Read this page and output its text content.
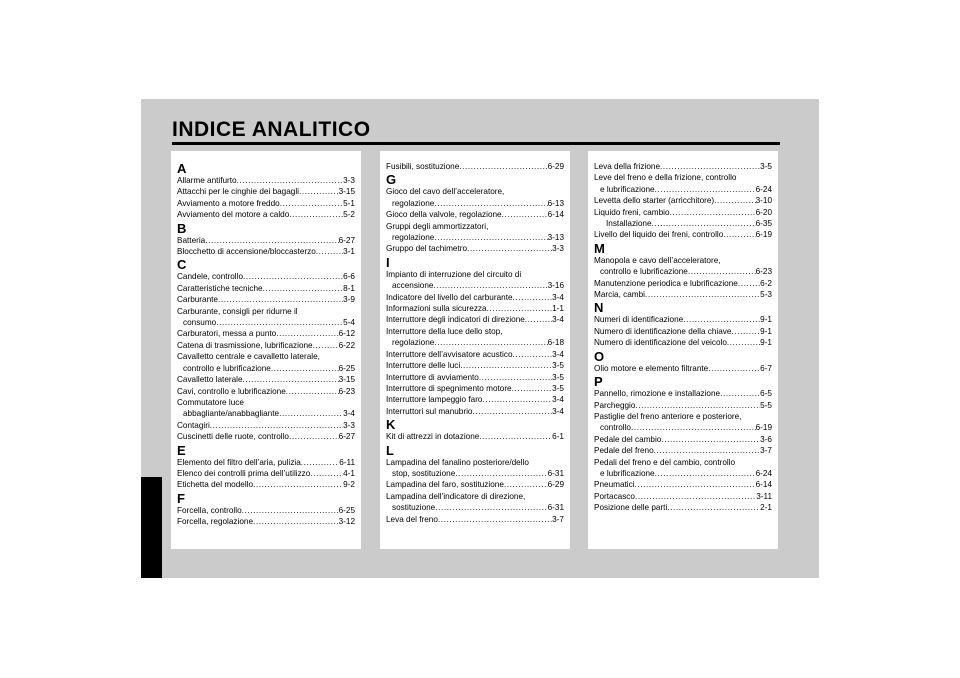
INDICE ANALITICO
A
Allarme antifurto .....	3-3
Attacchi per le cinghie dei bagagli .....	3-15
Avviamento a motore freddo .....	5-1
Avviamento del motore a caldo .....	5-2
B
Batteria .....	6-27
Blocchetto di accensione/bloccasterzo .....	3-1
C
Candele, controllo .....	6-6
Caratteristiche tecniche .....	8-1
Carburante .....	3-9
Carburante, consigli per ridurne il
consumo .....	5-4
Carburatori, messa a punto .....	6-12
Catena di trasmissione, lubrificazione .....	6-22
Cavalletto centrale e cavalletto laterale,
controllo e lubrificazione .....	6-25
Cavalletto laterale .....	3-15
Cavi, controllo e lubrificazione .....	6-23
Commutatore luce
abbagliante/anabbagliante .....	3-4
Contagiri .....	3-3
Cuscinetti delle ruote, controllo .....	6-27
E
Elemento del filtro dell’aria, pulizia .....	6-11
Elenco dei controlli prima dell’utilizzo .....	4-1
Etichetta del modello .....	9-2
F
Forcella, controllo .....	6-25
Forcella, regolazione .....	3-12
Fusibili, sostituzione .....	6-29
G
Gioco del cavo dell’acceleratore,
regolazione .....	6-13
Gioco della valvole, regolazione .....	6-14
Gruppi degli ammortizzatori,
regolazione .....	3-13
Gruppo del tachimetro .....	3-3
I
Impianto di interruzione del circuito di
accensione .....	3-16
Indicatore del livello del carburante .....	3-4
Informazioni sulla sicurezza .....	1-1
Interruttore degli indicatori di direzione .....	3-4
Interruttore della luce dello stop,
regolazione .....	6-18
Interruttore dell’avvisatore acustico .....	3-4
Interruttore delle luci .....	3-5
Interruttore di avviamento .....	3-5
Interruttore di spegnimento motore .....	3-5
Interruttore lampeggio faro .....	3-4
Interruttori sul manubrio .....	3-4
K
Kit di attrezzi in dotazione .....	6-1
L
Lampadina del fanalino posteriore/dello
stop, sostituzione .....	6-31
Lampadina del faro, sostituzione .....	6-29
Lampadina dell’indicatore di direzione,
sostituzione .....	6-31
Leva del freno .....	3-7
Leva della frizione .....	3-5
Leve del freno e della frizione, controllo
e lubrificazione .....	6-24
Levetta dello starter (arricchitore) .....	3-10
Liquido freni, cambio .....	6-20
Installazione .....	6-35
Livello del liquido dei freni, controllo .....	6-19
M
Manopola e cavo dell’acceleratore,
controllo e lubrificazione .....	6-23
Manutenzione periodica e lubrificazione .....	6-2
Marcia, cambi .....	5-3
N
Numeri di identificazione .....	9-1
Numero di identificazione della chiave .....	9-1
Numero di identificazione del veicolo .....	9-1
O
Olio motore e elemento filtrante .....	6-7
P
Pannello, rimozione e installazione .....	6-5
Parcheggio .....	5-5
Pastiglie del freno anteriore e posteriore,
controllo .....	6-19
Pedale del cambio .....	3-6
Pedale del freno .....	3-7
Pedali del freno e del cambio, controllo
e lubrificazione .....	6-24
Pneumatici .....	6-14
Portacasco .....	3-11
Posizione delle parti .....	2-1
